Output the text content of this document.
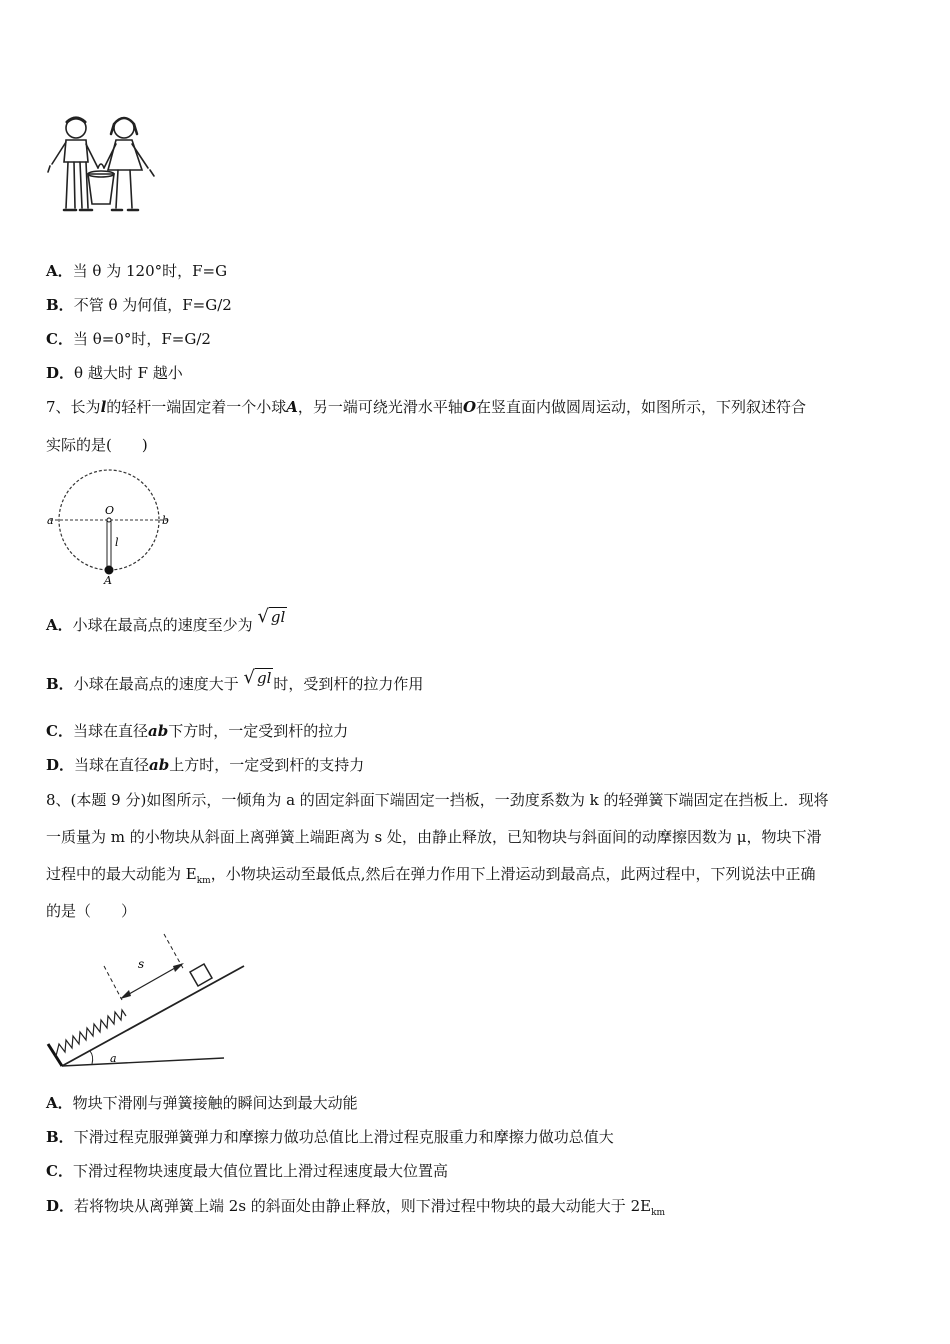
A．当 θ 为 120°时，F=G
B．不管 θ 为何值，F=G/2
C．当 θ=0°时，F=G/2
D．θ 越大时 F 越小
7、长为l的轻杆一端固定着一个小球A，另一端可绕光滑水平轴O在竖直面内做圆周运动，如图所示，下列叙述符合
实际的是(　　)
a	b
O
l
A
A．小球在最高点的速度至少为 √ gl
B．小球在最高点的速度大于 √ gl 时，受到杆的拉力作用
C．当球在直径ab下方时，一定受到杆的拉力
D．当球在直径ab上方时，一定受到杆的支持力
8、(本题 9 分)如图所示，一倾角为 a 的固定斜面下端固定一挡板，一劲度系数为 k 的轻弹簧下端固定在挡板上．现将
一质量为 m 的小物块从斜面上离弹簧上端距离为 s 处，由静止释放，已知物块与斜面间的动摩擦因数为 μ，物块下滑
过程中的最大动能为 $E_{km}$，小物块运动至最低点,然后在弹力作用下上滑运动到最高点，此两过程中，下列说法中正确
的是（　　）
s
a
A．物块下滑刚与弹簧接触的瞬间达到最大动能
B．下滑过程克服弹簧弹力和摩擦力做功总值比上滑过程克服重力和摩擦力做功总值大
C．下滑过程物块速度最大值位置比上滑过程速度最大位置高
D．若将物块从离弹簧上端 2s 的斜面处由静止释放，则下滑过程中物块的最大动能大于 $2E_{km}$
